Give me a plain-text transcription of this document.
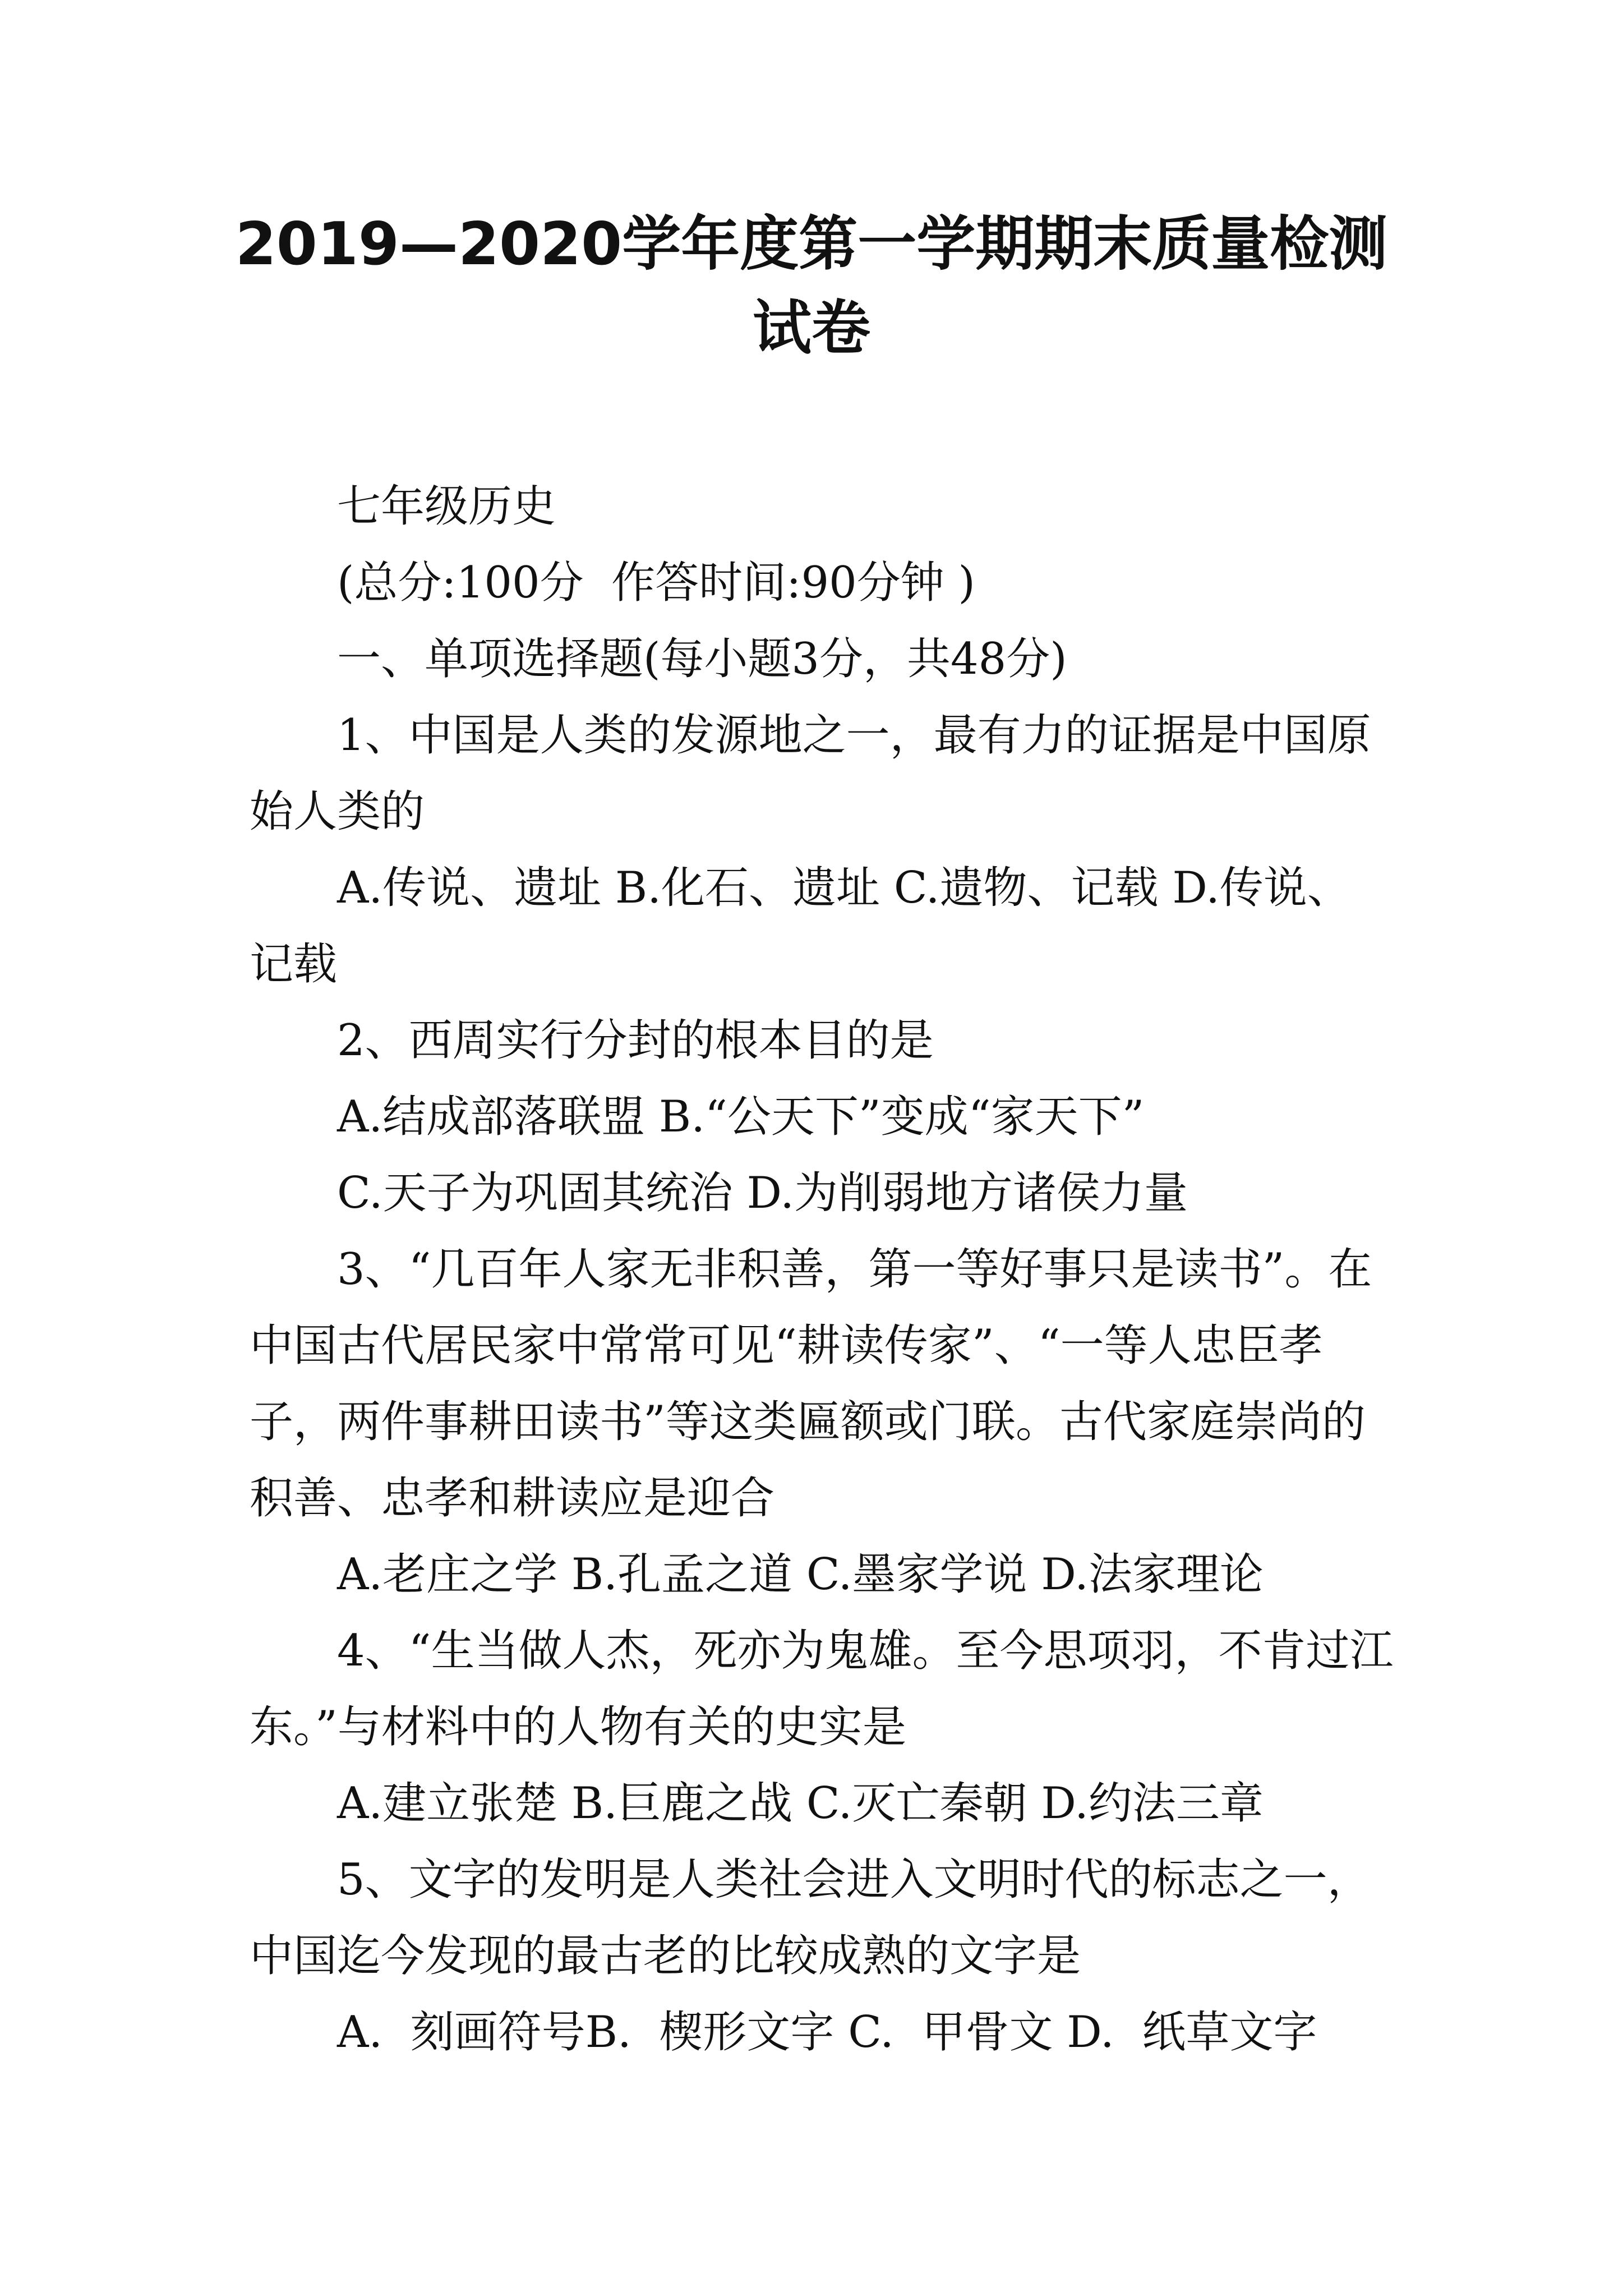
2019—2020学年度第一学期期末质量检测
试卷

七年级历史

(总分:100分  作答时间:90分钟 )

一、单项选择题(每小题3分，共48分)

1、中国是人类的发源地之一，最有力的证据是中国原始人类的

A.传说、遗址 B.化石、遗址 C.遗物、记载 D.传说、记载

2、西周实行分封的根本目的是

A.结成部落联盟 B.“公天下”变成“家天下”

C.天子为巩固其统治 D.为削弱地方诸侯力量

3、“几百年人家无非积善，第一等好事只是读书”。在中国古代居民家中常常可见“耕读传家”、“一等人忠臣孝子，两件事耕田读书”等这类匾额或门联。古代家庭崇尚的积善、忠孝和耕读应是迎合

A.老庄之学 B.孔孟之道 C.墨家学说 D.法家理论

4、“生当做人杰，死亦为鬼雄。至今思项羽，不肯过江东。”与材料中的人物有关的史实是

A.建立张楚 B.巨鹿之战 C.灭亡秦朝 D.约法三章

5、文字的发明是人类社会进入文明时代的标志之一，中国迄今发现的最古老的比较成熟的文字是

A.  刻画符号B.  楔形文字 C.  甲骨文 D.  纸草文字
